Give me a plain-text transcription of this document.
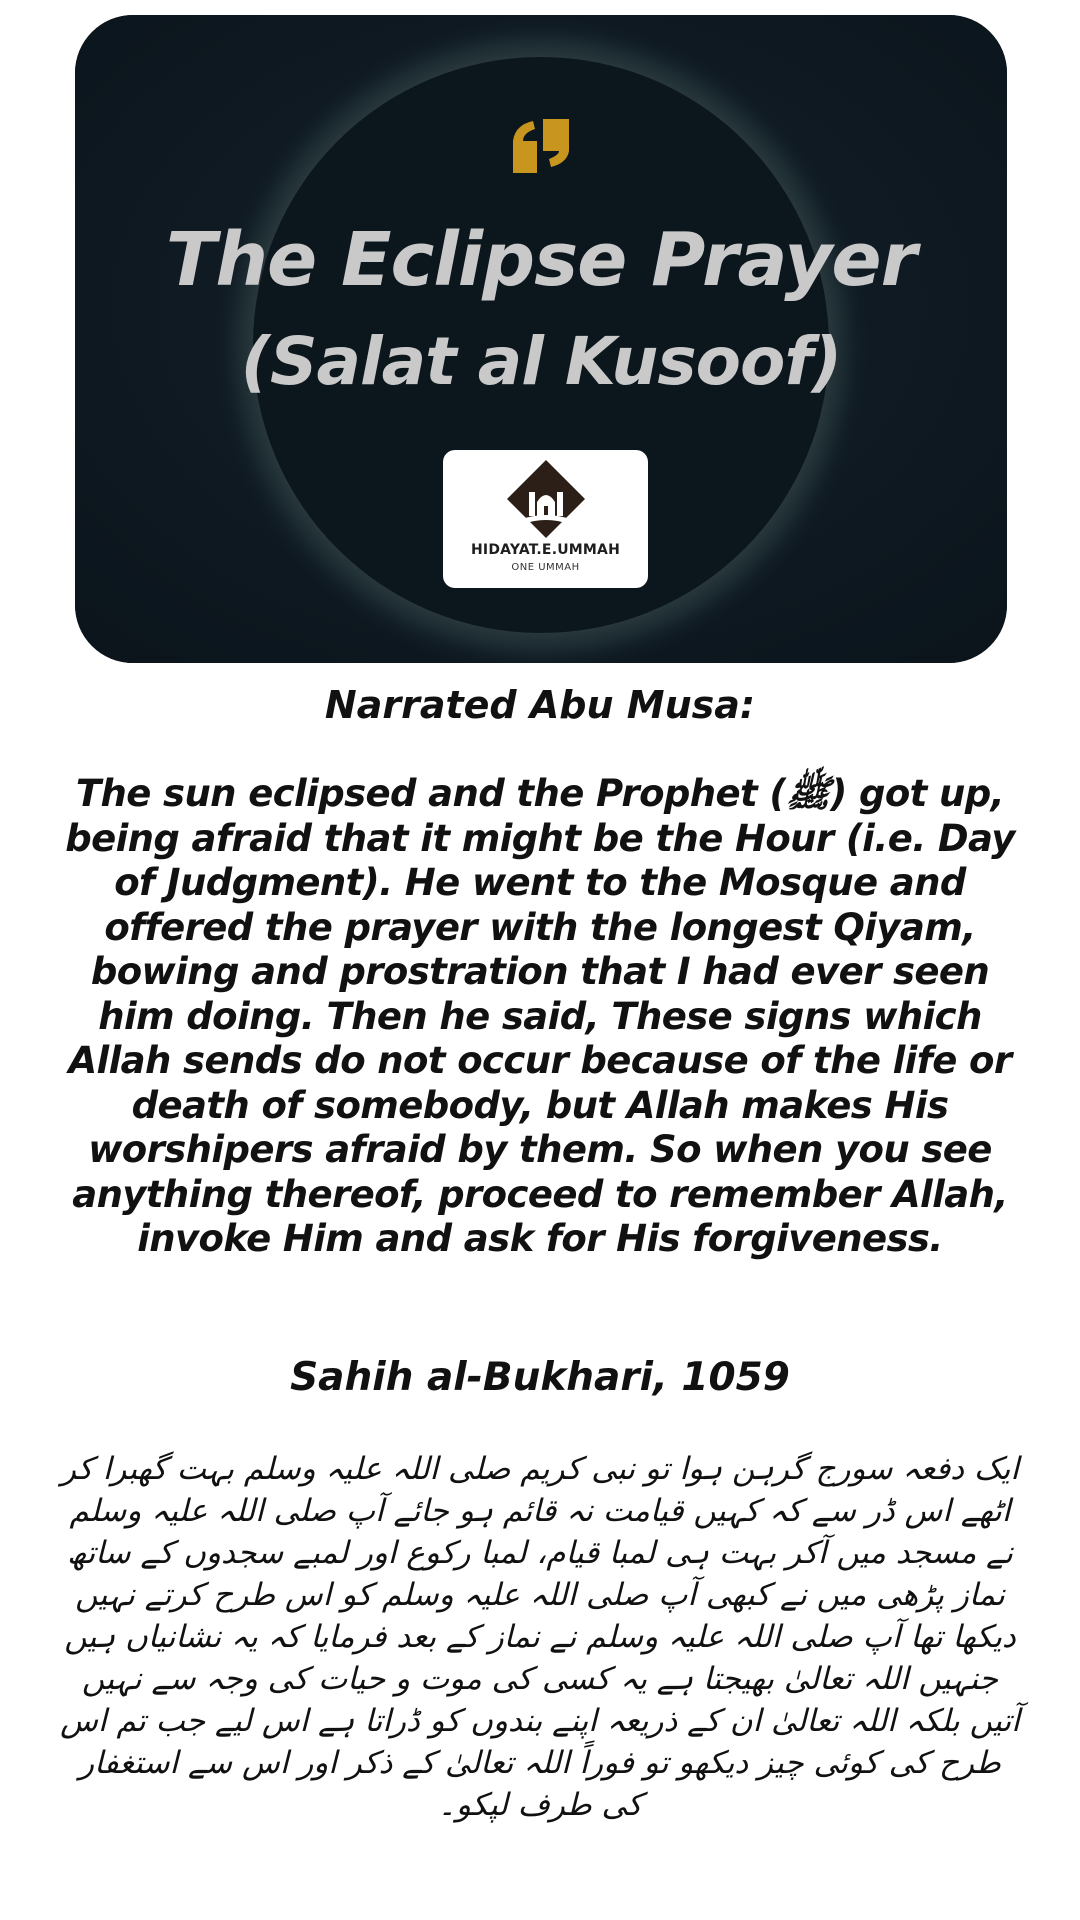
The Eclipse Prayer
(Salat al Kusoof)
HIDAYAT.E.UMMAH
ONE UMMAH
Narrated Abu Musa:
The sun eclipsed and the Prophet (ﷺ) got up, being afraid that it might be the Hour (i.e. Day of Judgment). He went to the Mosque and offered the prayer with the longest Qiyam, bowing and prostration that I had ever seen him doing. Then he said, These signs which Allah sends do not occur because of the life or death of somebody, but Allah makes His worshipers afraid by them. So when you see anything thereof, proceed to remember Allah, invoke Him and ask for His forgiveness.
Sahih al-Bukhari, 1059
ایک دفعہ سورج گرہن ہوا تو نبی کریم صلی اللہ علیہ وسلم بہت گھبرا کر اٹھے اس ڈر سے کہ کہیں قیامت نہ قائم ہو جائے آپ صلی اللہ علیہ وسلم نے مسجد میں آکر بہت ہی لمبا قیام، لمبا رکوع اور لمبے سجدوں کے ساتھ نماز پڑھی میں نے کبھی آپ صلی اللہ علیہ وسلم کو اس طرح کرتے نہیں دیکھا تھا آپ صلی اللہ علیہ وسلم نے نماز کے بعد فرمایا کہ یہ نشانیاں ہیں جنہیں اللہ تعالیٰ بھیجتا ہے یہ کسی کی موت و حیات کی وجہ سے نہیں آتیں بلکہ اللہ تعالیٰ ان کے ذریعہ اپنے بندوں کو ڈراتا ہے اس لیے جب تم اس طرح کی کوئی چیز دیکھو تو فوراً اللہ تعالیٰ کے ذکر اور اس سے استغفار کی طرف لپکو۔
